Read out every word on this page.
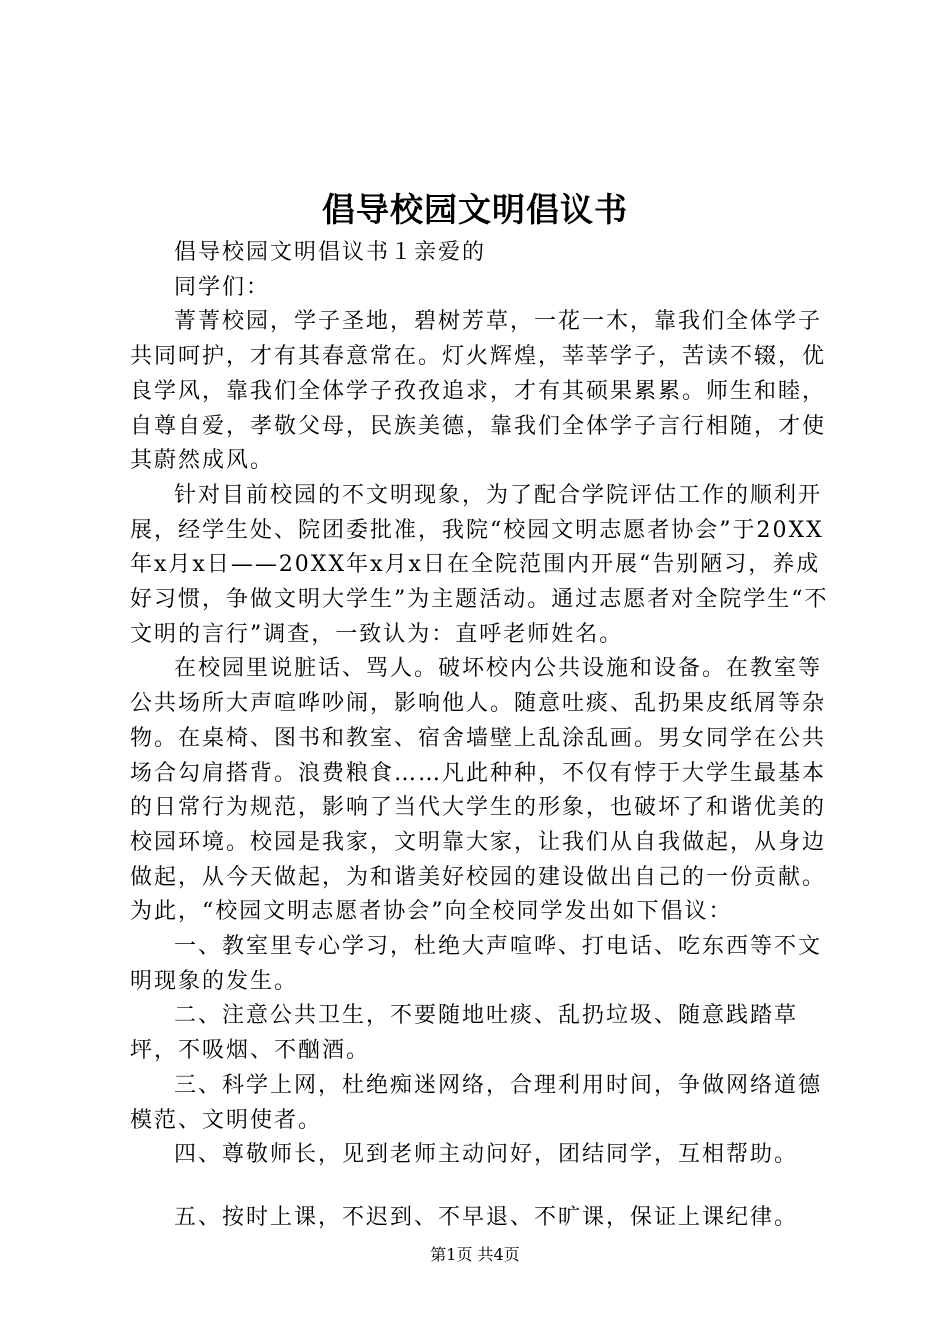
倡导校园文明倡议书

倡导校园文明倡议书１亲爱的

同学们：

菁菁校园，学子圣地，碧树芳草，一花一木，靠我们全体学子共同呵护，才有其春意常在。灯火辉煌，莘莘学子，苦读不辍，优良学风，靠我们全体学子孜孜追求，才有其硕果累累。师生和睦，自尊自爱，孝敬父母，民族美德，靠我们全体学子言行相随，才使其蔚然成风。

针对目前校园的不文明现象，为了配合学院评估工作的顺利开展，经学生处、院团委批准，我院“校园文明志愿者协会”于20XX年x月x日——20XX年x月x日在全院范围内开展“告别陋习，养成好习惯，争做文明大学生”为主题活动。通过志愿者对全院学生“不文明的言行”调查，一致认为：直呼老师姓名。

在校园里说脏话、骂人。破坏校内公共设施和设备。在教室等公共场所大声喧哗吵闹，影响他人。随意吐痰、乱扔果皮纸屑等杂物。在桌椅、图书和教室、宿舍墙壁上乱涂乱画。男女同学在公共场合勾肩搭背。浪费粮食……凡此种种，不仅有悖于大学生最基本的日常行为规范，影响了当代大学生的形象，也破坏了和谐优美的校园环境。校园是我家，文明靠大家，让我们从自我做起，从身边做起，从今天做起，为和谐美好校园的建设做出自己的一份贡献。为此，“校园文明志愿者协会”向全校同学发出如下倡议：

一、教室里专心学习，杜绝大声喧哗、打电话、吃东西等不文明现象的发生。

二、注意公共卫生，不要随地吐痰、乱扔垃圾、随意践踏草坪，不吸烟、不酗酒。

三、科学上网，杜绝痴迷网络，合理利用时间，争做网络道德模范、文明使者。

四、尊敬师长，见到老师主动问好，团结同学，互相帮助。

五、按时上课，不迟到、不早退、不旷课，保证上课纪律。

第1页 共4页
